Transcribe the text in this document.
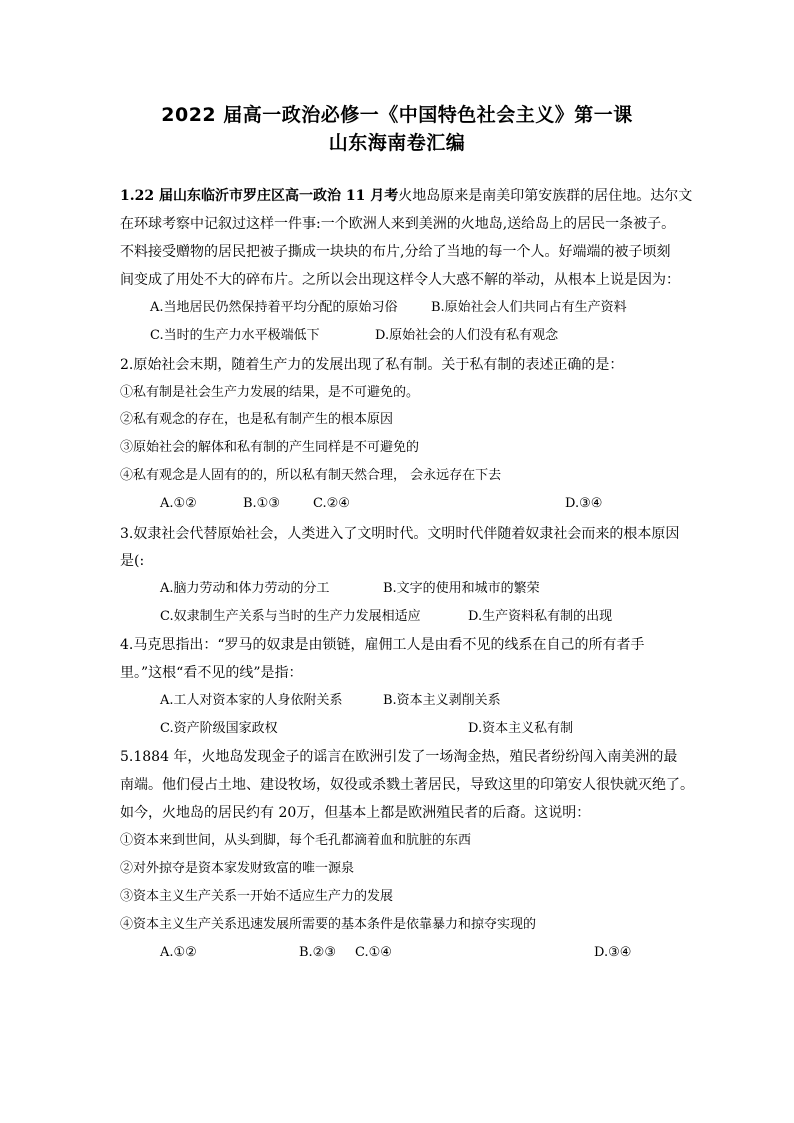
2022 届高一政治必修一《中国特色社会主义》第一课
山东海南卷汇编
1.22 届山东临沂市罗庄区高一政治 11 月考火地岛原来是南美印第安族群的居住地。达尔文
在环球考察中记叙过这样一件事:一个欧洲人来到美洲的火地岛,送给岛上的居民一条被子。
不料接受赠物的居民把被子撕成一块块的布片,分给了当地的每一个人。好端端的被子顷刻
间变成了用处不大的碎布片。之所以会出现这样令人大惑不解的举动，从根本上说是因为：
A.当地居民仍然保持着平均分配的原始习俗	B.原始社会人们共同占有生产资料
C.当时的生产力水平极端低下	D.原始社会的人们没有私有观念
2.原始社会末期，随着生产力的发展出现了私有制。关于私有制的表述正确的是：
①私有制是社会生产力发展的结果，是不可避免的。
②私有观念的存在，也是私有制产生的根本原因
③原始社会的解体和私有制的产生同样是不可避免的
④私有观念是人固有的的，所以私有制天然合理， 会永远存在下去
A.①②	B.①③	C.②④	D.③④
3.奴隶社会代替原始社会，人类进入了文明时代。文明时代伴随着奴隶社会而来的根本原因
是(:
A.脑力劳动和体力劳动的分工	B.文字的使用和城市的繁荣
C.奴隶制生产关系与当时的生产力发展相适应	D.生产资料私有制的出现
4.马克思指出：“罗马的奴隶是由锁链，雇佣工人是由看不见的线系在自己的所有者手
里。”这根“看不见的线”是指：
A.工人对资本家的人身依附关系	B.资本主义剥削关系
C.资产阶级国家政权	D.资本主义私有制
5.1884 年，火地岛发现金子的谣言在欧洲引发了一场淘金热，殖民者纷纷闯入南美洲的最
南端。他们侵占土地、建设牧场，奴役或杀戮土著居民，导致这里的印第安人很快就灭绝了。
如今，火地岛的居民约有 20万，但基本上都是欧洲殖民者的后裔。这说明：
①资本来到世间，从头到脚，每个毛孔都滴着血和肮脏的东西
②对外掠夺是资本家发财致富的唯一源泉
③资本主义生产关系一开始不适应生产力的发展
④资本主义生产关系迅速发展所需要的基本条件是依靠暴力和掠夺实现的
A.①②	B.②③ C.①④	D.③④
